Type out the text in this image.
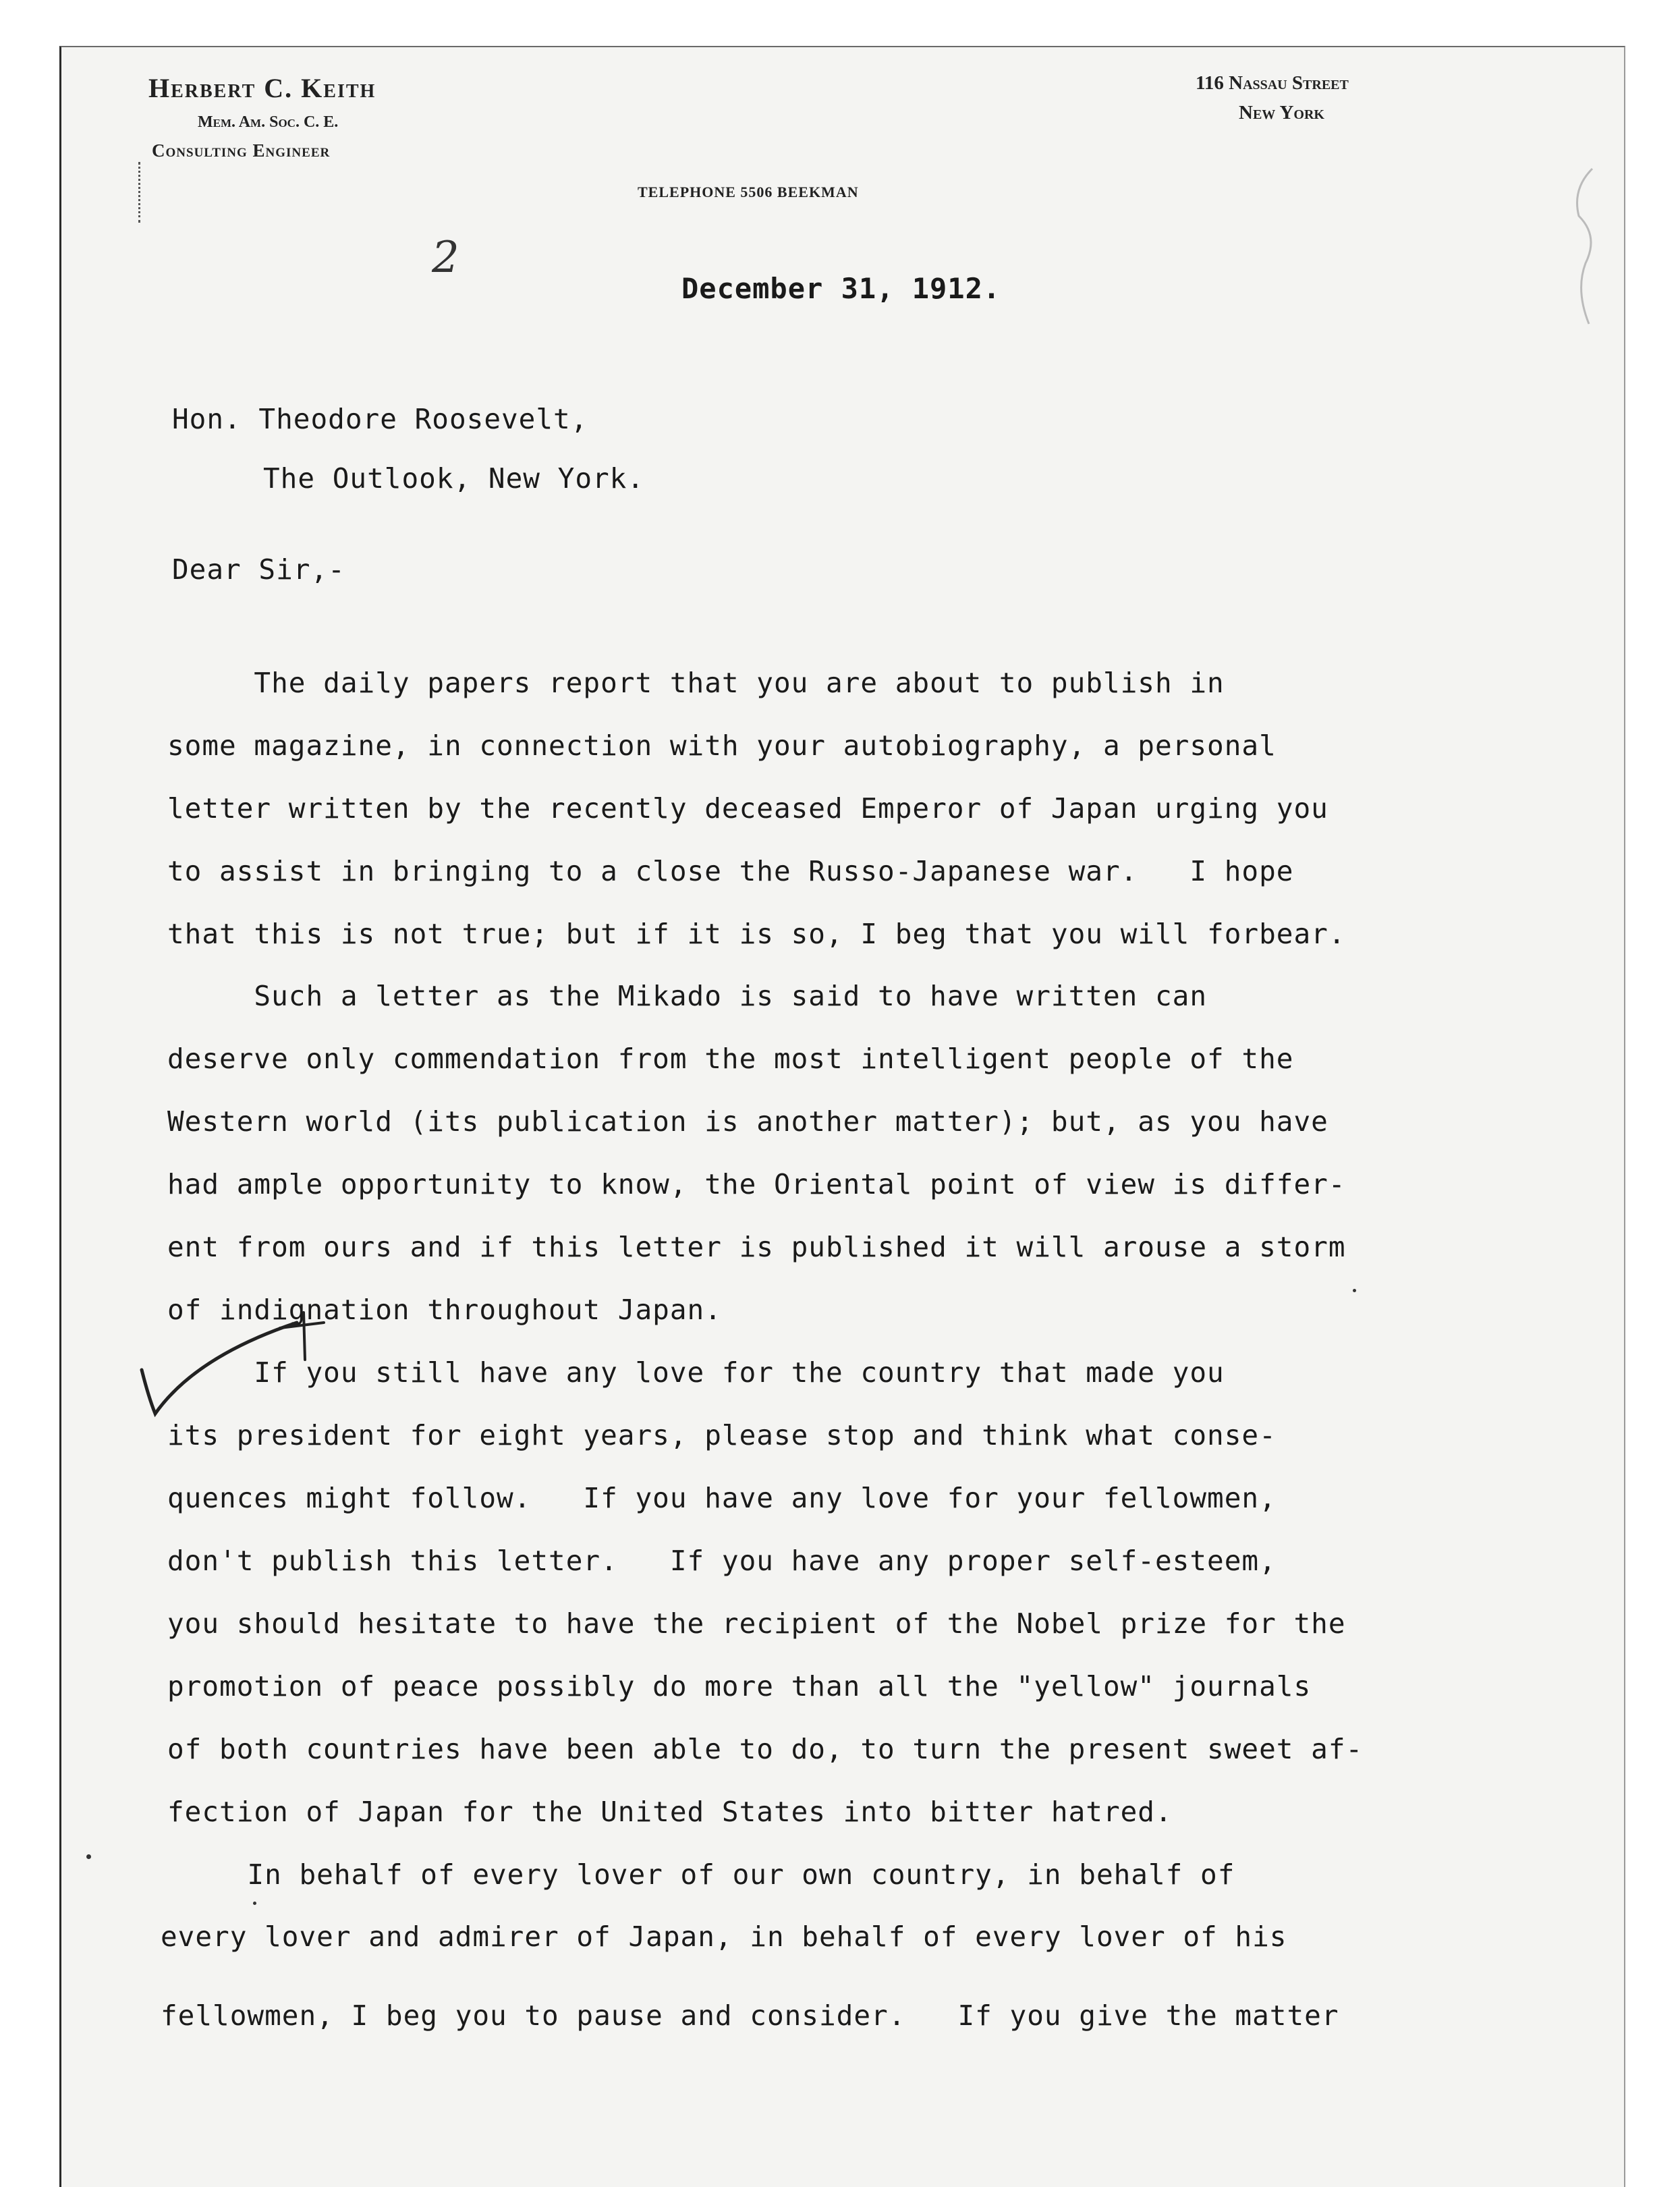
Herbert C. Keith
Mem. Am. Soc. C. E.
Consulting Engineer
116 Nassau Street
New York
TELEPHONE 5506 BEEKMAN
2
December 31, 1912.
Hon. Theodore Roosevelt,
The Outlook, New York.
Dear Sir,-
The daily papers report that you are about to publish in
some magazine, in connection with your autobiography, a personal
letter written by the recently deceased Emperor of Japan urging you
to assist in bringing to a close the Russo-Japanese war.   I hope
that this is not true; but if it is so, I beg that you will forbear.
Such a letter as the Mikado is said to have written can
deserve only commendation from the most intelligent people of the
Western world (its publication is another matter); but, as you have
had ample opportunity to know, the Oriental point of view is differ-
ent from ours and if this letter is published it will arouse a storm
of indignation throughout Japan.
If you still have any love for the country that made you
its president for eight years, please stop and think what conse-
quences might follow.   If you have any love for your fellowmen,
don't publish this letter.   If you have any proper self-esteem,
you should hesitate to have the recipient of the Nobel prize for the
promotion of peace possibly do more than all the "yellow" journals
of both countries have been able to do, to turn the present sweet af-
fection of Japan for the United States into bitter hatred.
In behalf of every lover of our own country, in behalf of
every lover and admirer of Japan, in behalf of every lover of his
fellowmen, I beg you to pause and consider.   If you give the matter
